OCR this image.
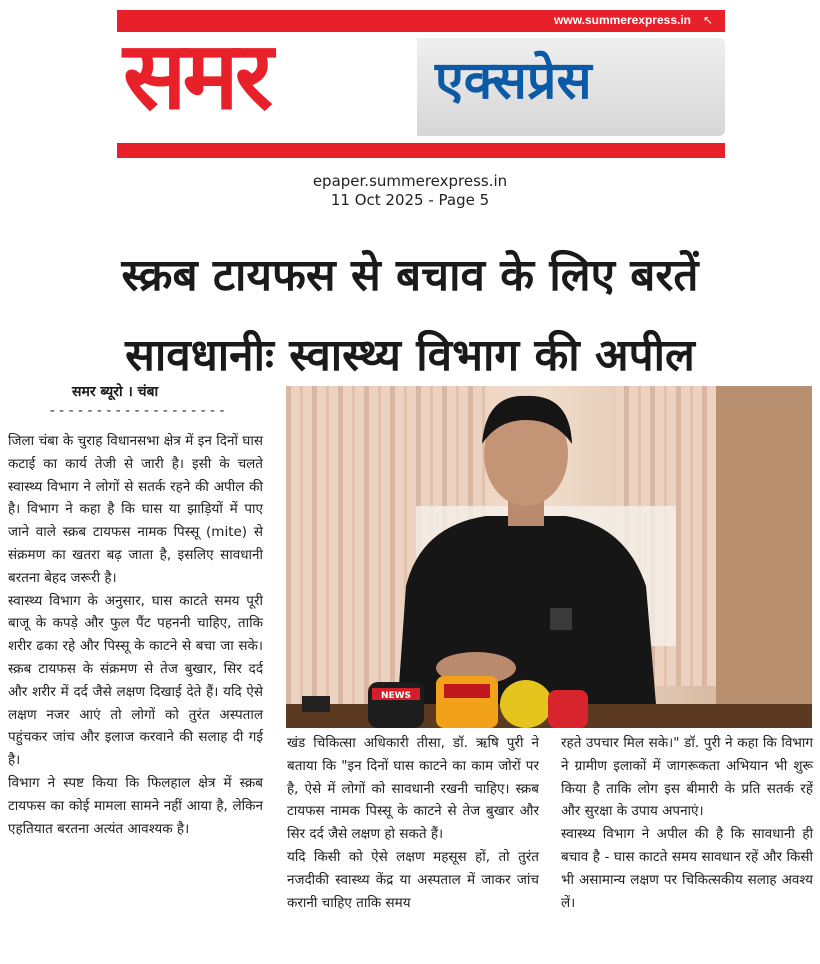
www.summerexpress.in ↖
समर	एक्सप्रेस
epaper.summerexpress.in
11 Oct 2025 - Page 5
स्क्रब टायफस से बचाव के लिए बरतें
सावधानीः स्वास्थ्य विभाग की अपील
समर ब्यूरो । चंबा
-------------------

जिला चंबा के चुराह विधानसभा क्षेत्र में इन दिनों घास कटाई का कार्य तेजी से जारी है। इसी के चलते स्वास्थ्य विभाग ने लोगों से सतर्क रहने की अपील की है। विभाग ने कहा है कि घास या झाड़ियों में पाए जाने वाले स्क्रब टायफस नामक पिस्सू (mite) से संक्रमण का खतरा बढ़ जाता है, इसलिए सावधानी बरतना बेहद जरूरी है।

स्वास्थ्य विभाग के अनुसार, घास काटते समय पूरी बाजू के कपड़े और फुल पैंट पहननी चाहिए, ताकि शरीर ढका रहे और पिस्सू के काटने से बचा जा सके। स्क्रब टायफस के संक्रमण से तेज बुखार, सिर दर्द और शरीर में दर्द जैसे लक्षण दिखाई देते हैं। यदि ऐसे लक्षण नजर आएं तो लोगों को तुरंत अस्पताल पहुंचकर जांच और इलाज करवाने की सलाह दी गई है।

विभाग ने स्पष्ट किया कि फिलहाल क्षेत्र में स्क्रब टायफस का कोई मामला सामने नहीं आया है, लेकिन एहतियात बरतना अत्यंत आवश्यक है।

NEWS

खंड चिकित्सा अधिकारी तीसा, डॉ. ऋषि पुरी ने बताया कि "इन दिनों घास काटने का काम जोरों पर है, ऐसे में लोगों को सावधानी रखनी चाहिए। स्क्रब टायफस नामक पिस्सू के काटने से तेज बुखार और सिर दर्द जैसे लक्षण हो सकते हैं।

यदि किसी को ऐसे लक्षण महसूस हों, तो तुरंत नजदीकी स्वास्थ्य केंद्र या अस्पताल में जाकर जांच करानी चाहिए ताकि समय

रहते उपचार मिल सके।" डॉ. पुरी ने कहा कि विभाग ने ग्रामीण इलाकों में जागरूकता अभियान भी शुरू किया है ताकि लोग इस बीमारी के प्रति सतर्क रहें और सुरक्षा के उपाय अपनाएं।

स्वास्थ्य विभाग ने अपील की है कि सावधानी ही बचाव है - घास काटते समय सावधान रहें और किसी भी असामान्य लक्षण पर चिकित्सकीय सलाह अवश्य लें।
